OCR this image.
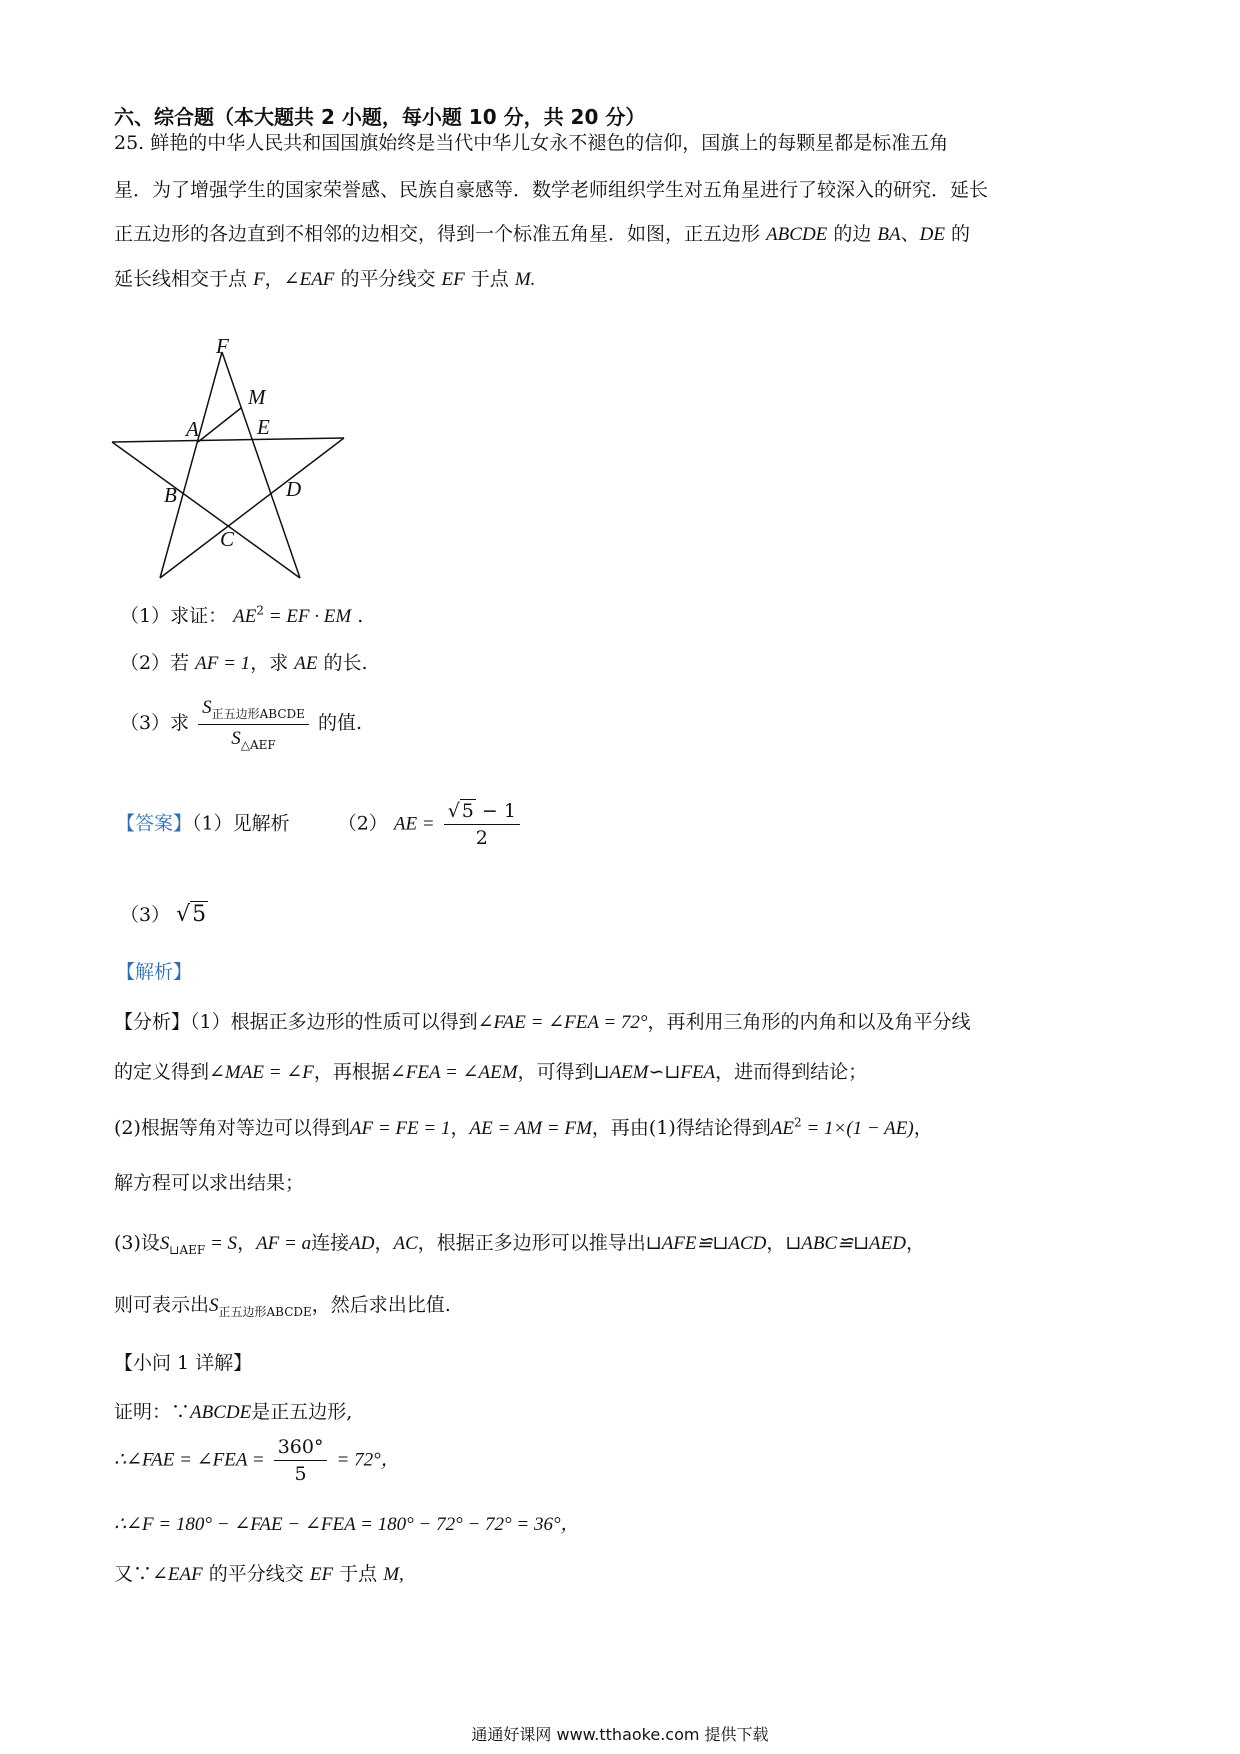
六、综合题（本大题共 2 小题，每小题 10 分，共 20 分）
25. 鲜艳的中华人民共和国国旗始终是当代中华儿女永不褪色的信仰，国旗上的每颗星都是标准五角
星．为了增强学生的国家荣誉感、民族自豪感等．数学老师组织学生对五角星进行了较深入的研究．延长
正五边形的各边直到不相邻的边相交，得到一个标准五角星．如图，正五边形 ABCDE 的边 BA、DE 的
延长线相交于点 F，∠EAF 的平分线交 EF 于点 M.
F
M
A	E
B	D
C
（1）求证： $AE^2$ = EF · EM .
（2）若 AF = 1，求 AE 的长.
（3）求 $\frac{S_{正五边形ABCDE}}{S_{\triangle AEF}}$ 的值.
【答案】（1）见解析	（2） AE = $\frac{√ 5 - 1}{2}$
（3） √5
【解析】
【分析】（1）根据正多边形的性质可以得到∠FAE = ∠FEA = 72°，再利用三角形的内角和以及角平分线
的定义得到∠MAE = ∠F，再根据∠FEA = ∠AEM，可得到⊔AEM∽⊔FEA，进而得到结论；
(2)根据等角对等边可以得到AF = FE = 1，AE = AM = FM，再由(1)得结论得到$AE^2 = 1\times(1 - AE)$，
解方程可以求出结果；
(3)设$S_{⊔AEF} = S$，AF = a连接AD，AC，根据正多边形可以推导出⊔AFE≌⊔ACD，⊔ABC≌⊔AED，
则可表示出$S_{正五边形ABCDE}$，然后求出比值.
【小问 1 详解】
证明：∵ABCDE是正五边形,
∴∠FAE = ∠FEA = $\frac{360^\circ}{5} = 72^\circ$，
∴∠F = 180° − ∠FAE − ∠FEA = 180° − 72° − 72° = 36°，
又∵∠EAF 的平分线交 EF 于点 M,
通通好课网 www.tthaoke.com 提供下载
